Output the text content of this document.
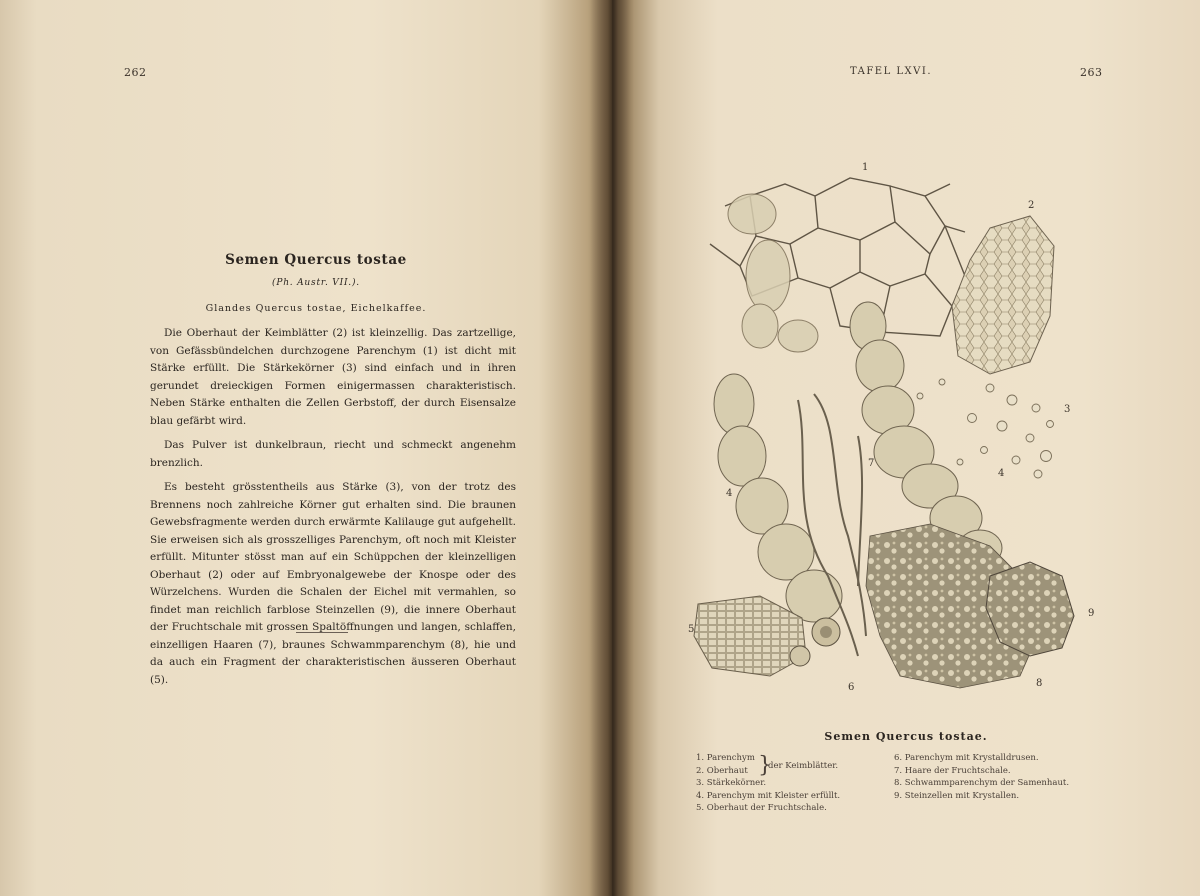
262
Semen Quercus tostae
(Ph. Austr. VII.).
Glandes Quercus tostae, Eichelkaffee.

Die Oberhaut der Keimblätter (2) ist kleinzellig. Das zartzellige, von Gefässbündelchen durchzogene Parenchym (1) ist dicht mit Stärke erfüllt. Die Stärkekörner (3) sind einfach und in ihren gerundet dreieckigen Formen einigermassen charakteristisch. Neben Stärke enthalten die Zellen Gerbstoff, der durch Eisensalze blau gefärbt wird.

Das Pulver ist dunkelbraun, riecht und schmeckt angenehm brenzlich.

Es besteht grösstentheils aus Stärke (3), von der trotz des Brennens noch zahlreiche Körner gut erhalten sind. Die braunen Gewebsfragmente werden durch erwärmte Kalilauge gut aufgehellt. Sie erweisen sich als grosszelliges Parenchym, oft noch mit Kleister erfüllt. Mitunter stösst man auf ein Schüppchen der kleinzelligen Oberhaut (2) oder auf Embryonalgewebe der Knospe oder des Würzelchens. Wurden die Schalen der Eichel mit vermahlen, so findet man reichlich farblose Steinzellen (9), die innere Oberhaut der Fruchtschale mit grossen Spaltöffnungen und langen, schlaffen, einzelligen Haaren (7), braunes Schwammparenchym (8), hie und da auch ein Fragment der charakteristischen äusseren Oberhaut (5).

TAFEL LXVI.	263
1
2
3
4
4
5
6
7
8
9
Semen Quercus tostae.
1. Parenchym
2. Oberhaut
3. Stärkekörner.
4. Parenchym mit Kleister erfüllt.
5. Oberhaut der Fruchtschale.
}
der Keimblätter.
6. Parenchym mit Krystalldrusen.
7. Haare der Fruchtschale.
8. Schwammparenchym der Samenhaut.
9. Steinzellen mit Krystallen.
